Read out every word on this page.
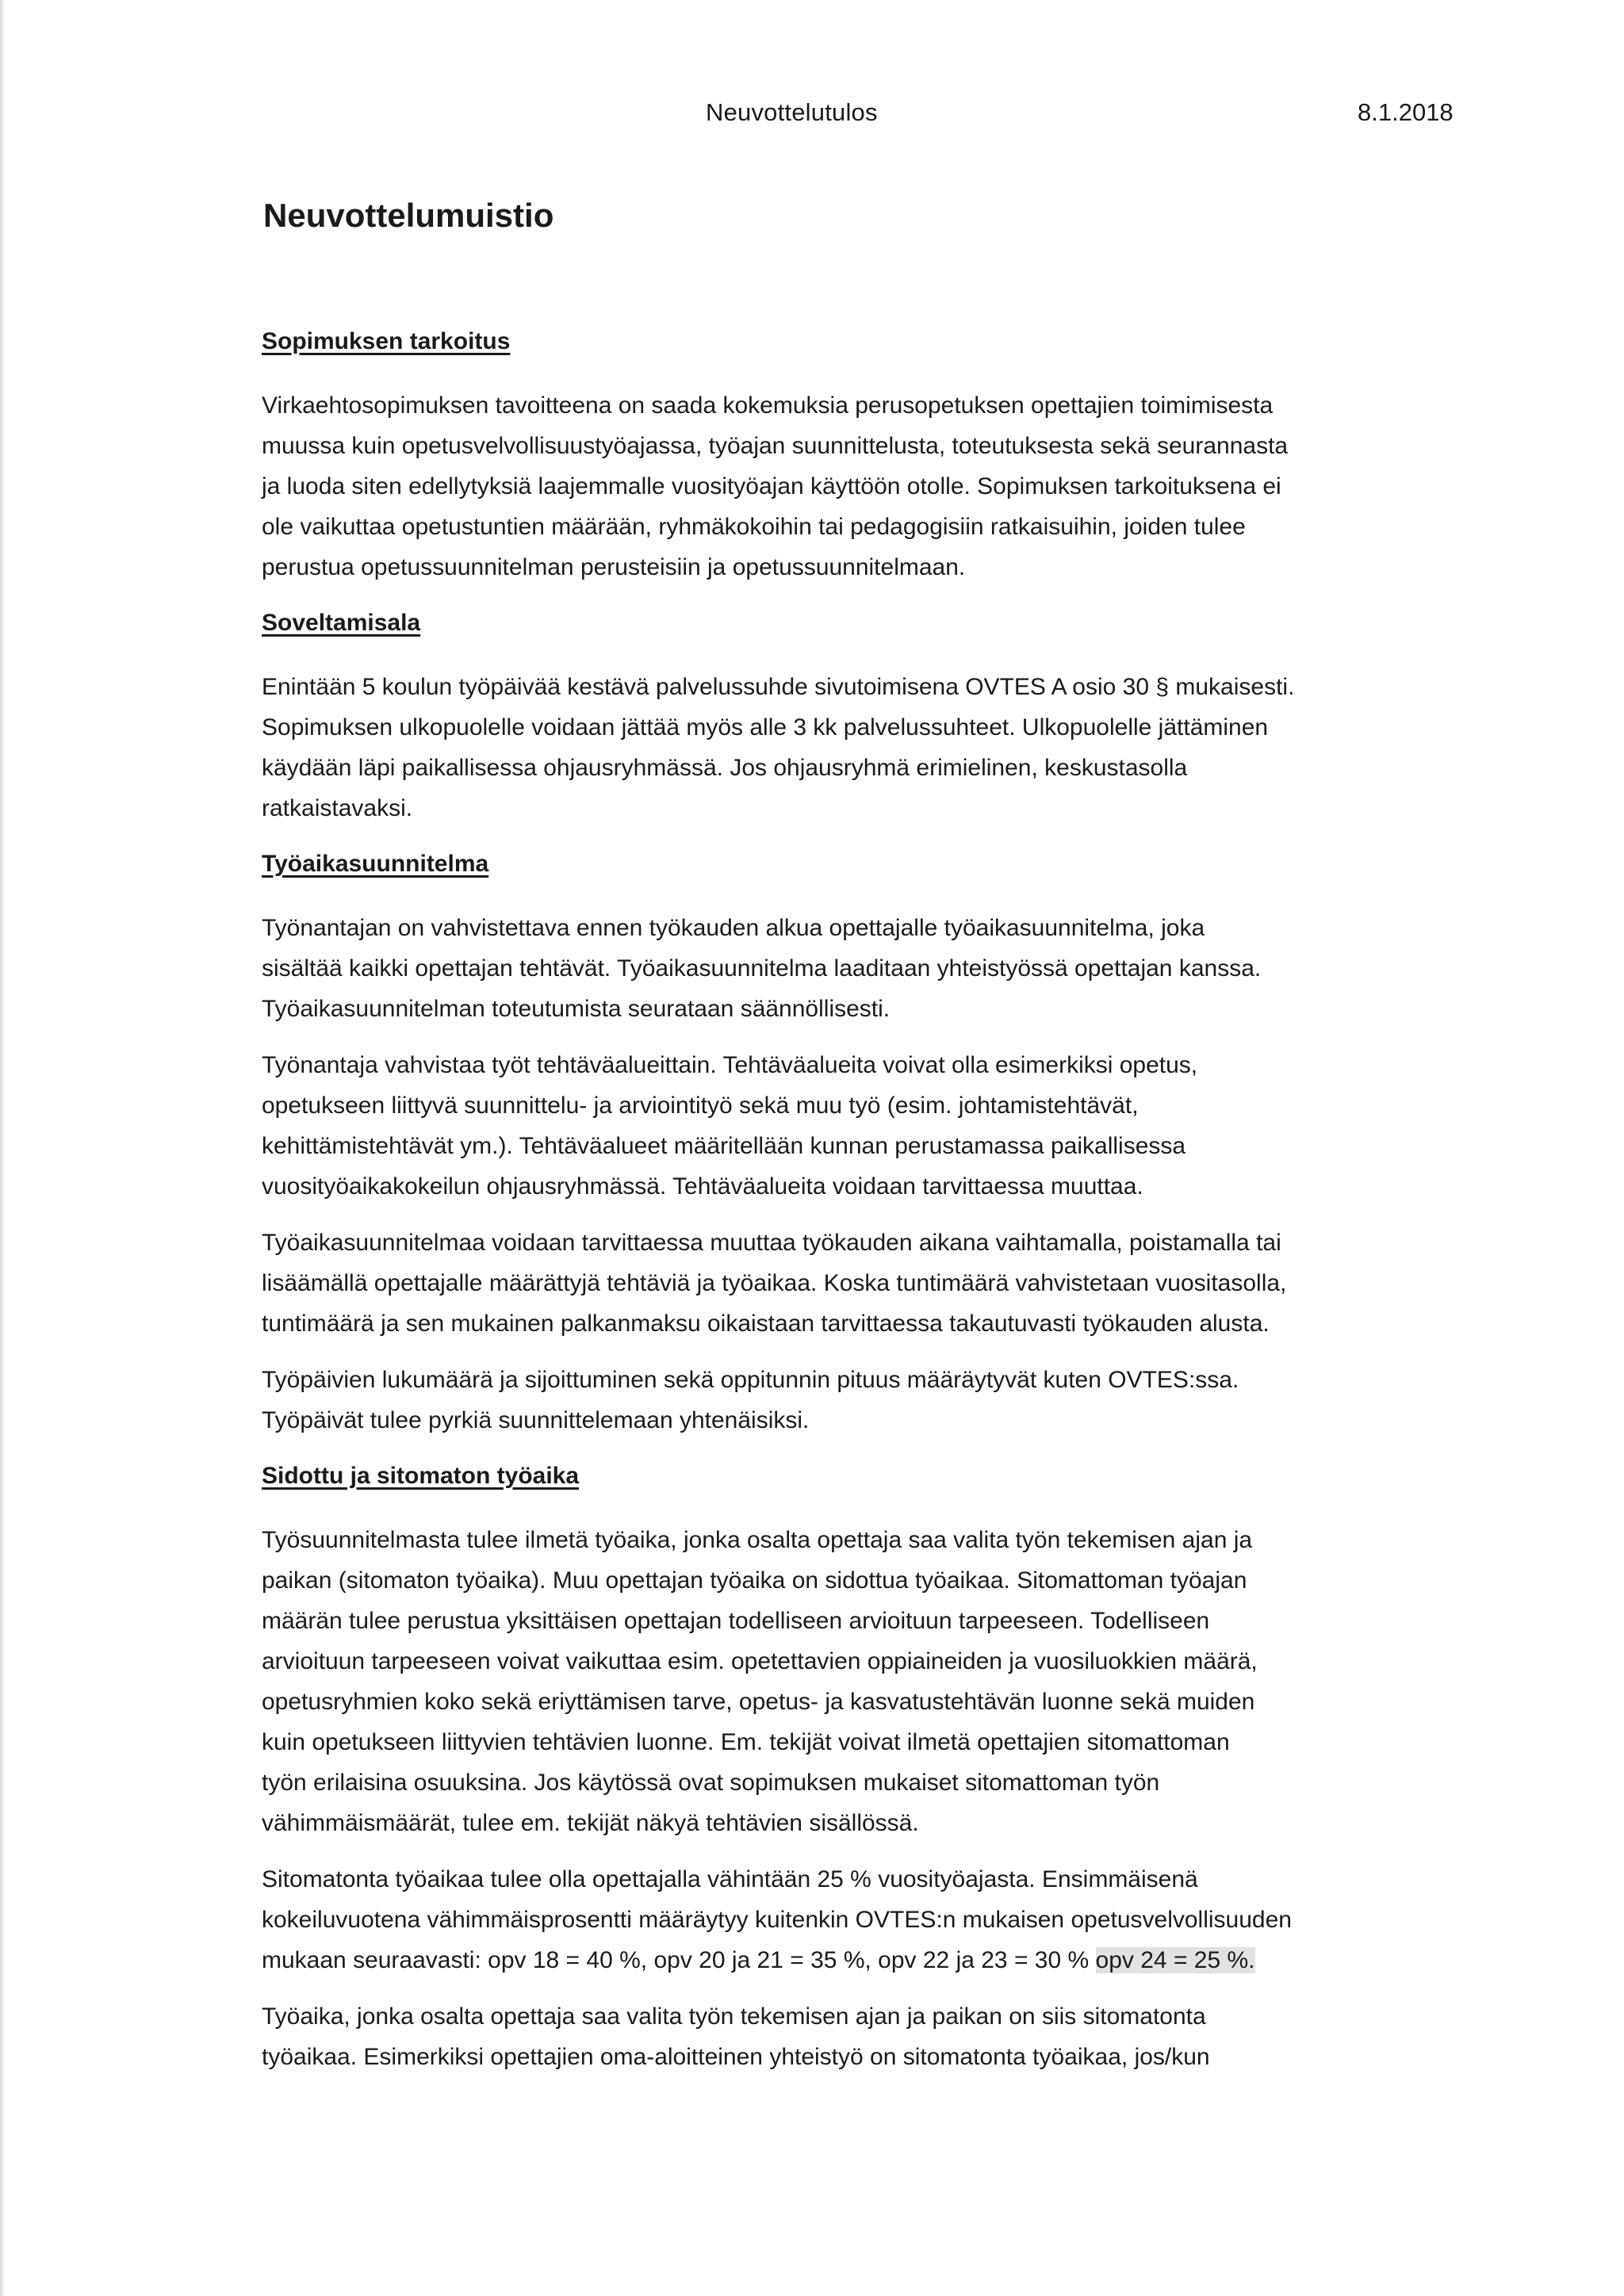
Neuvottelutulos	8.1.2018
Neuvottelumuistio
Sopimuksen tarkoitus

Virkaehtosopimuksen tavoitteena on saada kokemuksia perusopetuksen opettajien toimimisesta
muussa kuin opetusvelvollisuustyöajassa, työajan suunnittelusta, toteutuksesta sekä seurannasta
ja luoda siten edellytyksiä laajemmalle vuosityöajan käyttöön otolle. Sopimuksen tarkoituksena ei
ole vaikuttaa opetustuntien määrään, ryhmäkokoihin tai pedagogisiin ratkaisuihin, joiden tulee
perustua opetussuunnitelman perusteisiin ja opetussuunnitelmaan.

Soveltamisala

Enintään 5 koulun työpäivää kestävä palvelussuhde sivutoimisena OVTES A osio 30 § mukaisesti.
Sopimuksen ulkopuolelle voidaan jättää myös alle 3 kk palvelussuhteet. Ulkopuolelle jättäminen
käydään läpi paikallisessa ohjausryhmässä. Jos ohjausryhmä erimielinen, keskustasolla
ratkaistavaksi.

Työaikasuunnitelma

Työnantajan on vahvistettava ennen työkauden alkua opettajalle työaikasuunnitelma, joka
sisältää kaikki opettajan tehtävät. Työaikasuunnitelma laaditaan yhteistyössä opettajan kanssa.
Työaikasuunnitelman toteutumista seurataan säännöllisesti.

Työnantaja vahvistaa työt tehtäväalueittain. Tehtäväalueita voivat olla esimerkiksi opetus,
opetukseen liittyvä suunnittelu- ja arviointityö sekä muu työ (esim. johtamistehtävät,
kehittämistehtävät ym.). Tehtäväalueet määritellään kunnan perustamassa paikallisessa
vuosityöaikakokeilun ohjausryhmässä. Tehtäväalueita voidaan tarvittaessa muuttaa.

Työaikasuunnitelmaa voidaan tarvittaessa muuttaa työkauden aikana vaihtamalla, poistamalla tai
lisäämällä opettajalle määrättyjä tehtäviä ja työaikaa. Koska tuntimäärä vahvistetaan vuositasolla,
tuntimäärä ja sen mukainen palkanmaksu oikaistaan tarvittaessa takautuvasti työkauden alusta.

Työpäivien lukumäärä ja sijoittuminen sekä oppitunnin pituus määräytyvät kuten OVTES:ssa.
Työpäivät tulee pyrkiä suunnittelemaan yhtenäisiksi.

Sidottu ja sitomaton työaika

Työsuunnitelmasta tulee ilmetä työaika, jonka osalta opettaja saa valita työn tekemisen ajan ja
paikan (sitomaton työaika). Muu opettajan työaika on sidottua työaikaa. Sitomattoman työajan
määrän tulee perustua yksittäisen opettajan todelliseen arvioituun tarpeeseen. Todelliseen
arvioituun tarpeeseen voivat vaikuttaa esim. opetettavien oppiaineiden ja vuosiluokkien määrä,
opetusryhmien koko sekä eriyttämisen tarve, opetus- ja kasvatustehtävän luonne sekä muiden
kuin opetukseen liittyvien tehtävien luonne. Em. tekijät voivat ilmetä opettajien sitomattoman
työn erilaisina osuuksina. Jos käytössä ovat sopimuksen mukaiset sitomattoman työn
vähimmäismäärät, tulee em. tekijät näkyä tehtävien sisällössä.

Sitomatonta työaikaa tulee olla opettajalla vähintään 25 % vuosityöajasta. Ensimmäisenä
kokeiluvuotena vähimmäisprosentti määräytyy kuitenkin OVTES:n mukaisen opetusvelvollisuuden
mukaan seuraavasti: opv 18 = 40 %, opv 20 ja 21 = 35 %, opv 22 ja 23 = 30 % opv 24 = 25 %.

Työaika, jonka osalta opettaja saa valita työn tekemisen ajan ja paikan on siis sitomatonta
työaikaa. Esimerkiksi opettajien oma-aloitteinen yhteistyö on sitomatonta työaikaa, jos/kun
